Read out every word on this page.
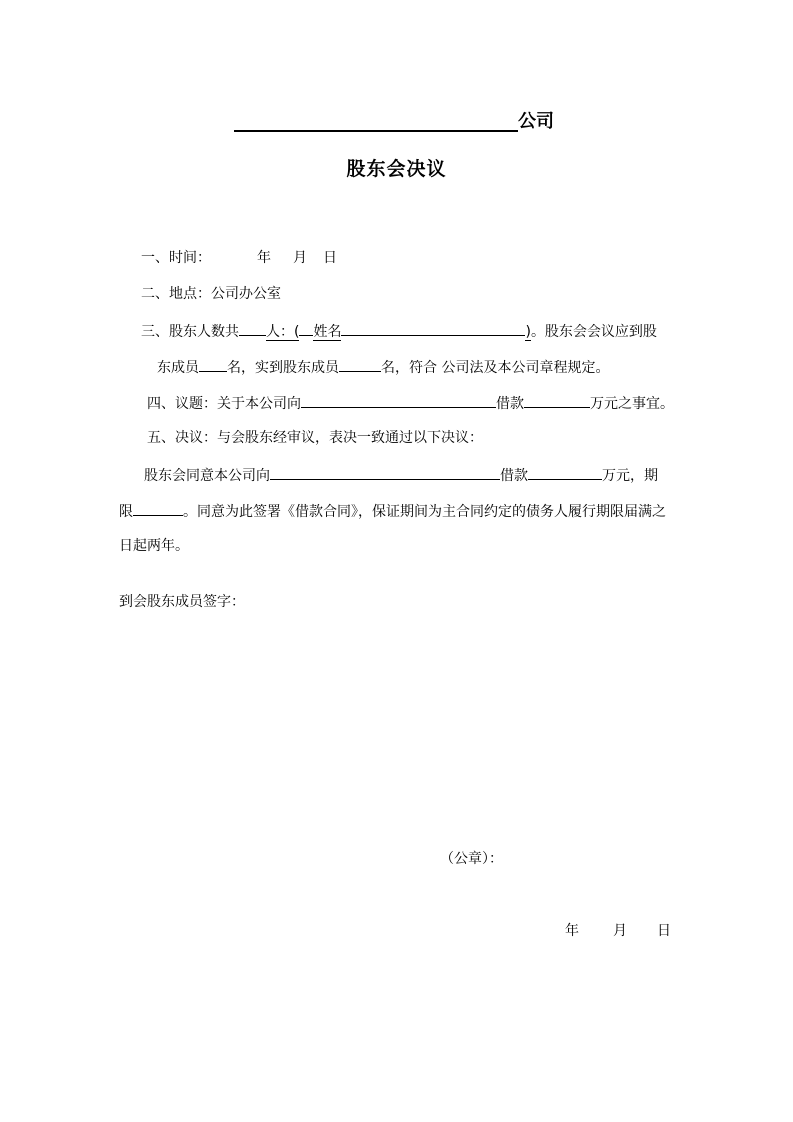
公司
股东会决议
一、时间：	年 月 日
二、地点：公司办公室
三、股东人数共 人：( 姓名	)。股东会会议应到股
东成员 名，实到股东成员	名，符合 公司法及本公司章程规定。
四、议题：关于本公司向	借款	万元之事宜。
五、决议：与会股东经审议，表决一致通过以下决议：
股东会同意本公司向	借款	万元，期
限	。同意为此签署《借款合同》，保证期间为主合同约定的债务人履行期限届满之
日起两年。
到会股东成员签字：
（公章）：
年 月 日
